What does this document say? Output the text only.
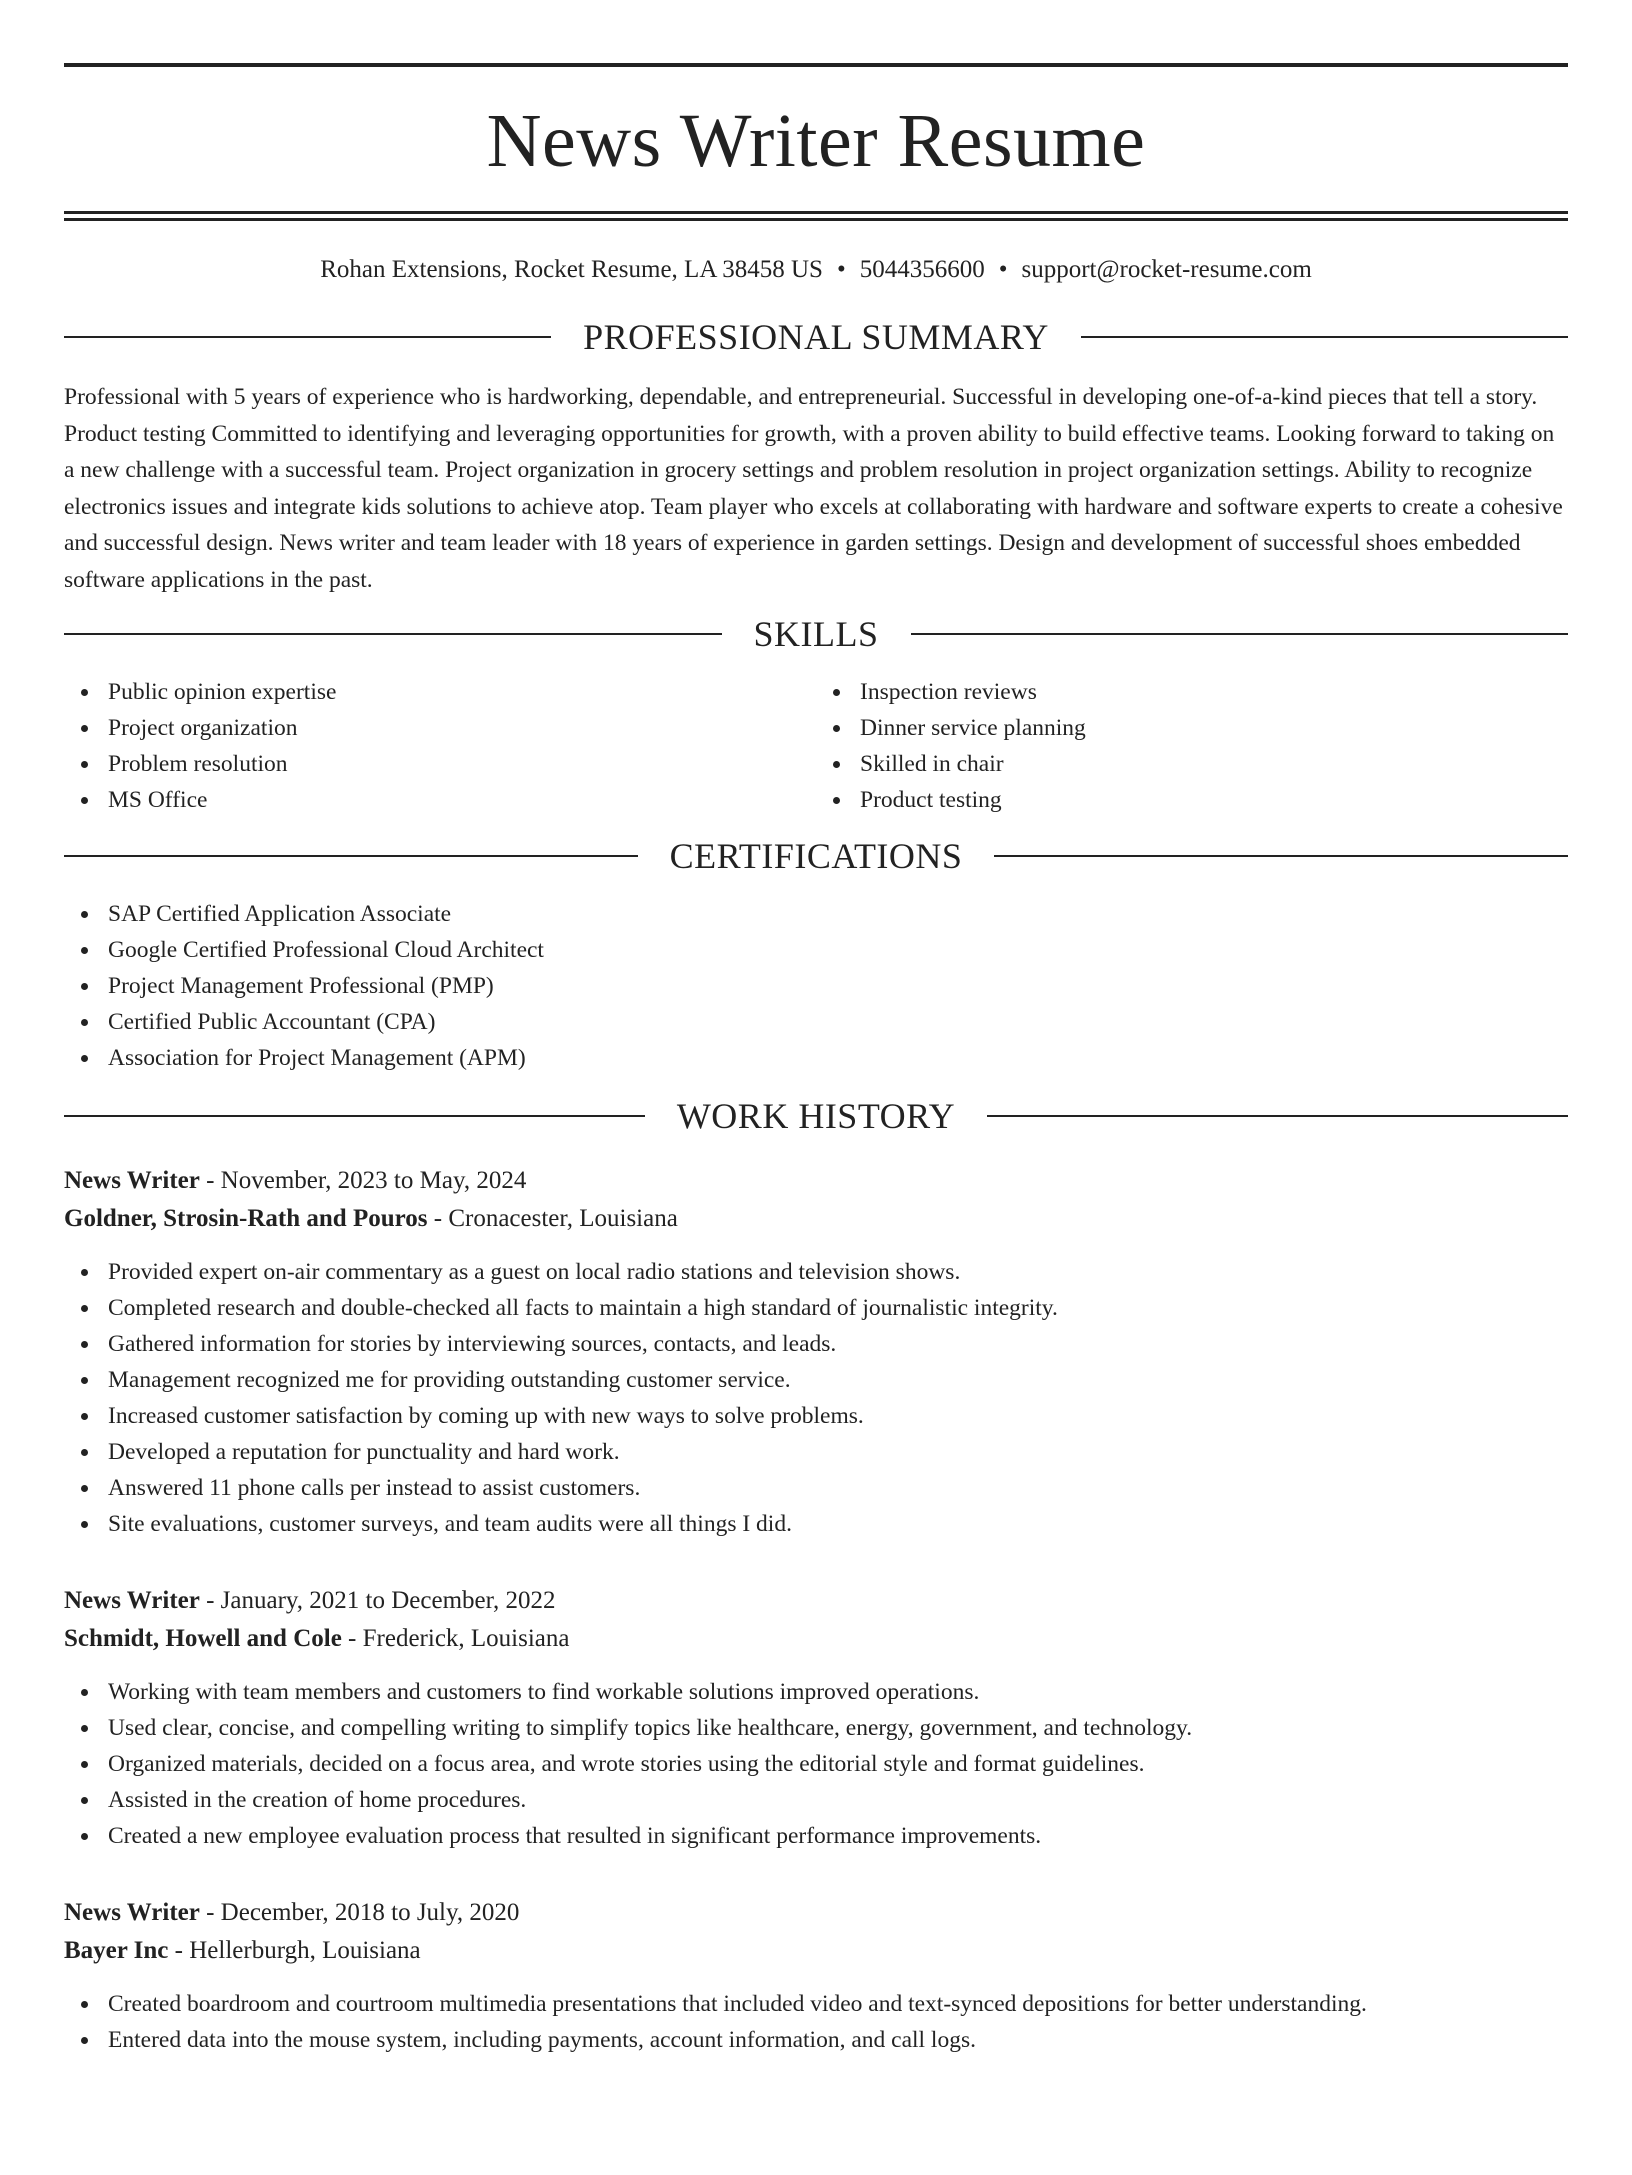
News Writer Resume
Rohan Extensions, Rocket Resume, LA 38458 US • 5044356600 • support@rocket-resume.com
PROFESSIONAL SUMMARY
Professional with 5 years of experience who is hardworking, dependable, and entrepreneurial. Successful in developing one-of-a-kind pieces that tell a story. Product testing Committed to identifying and leveraging opportunities for growth, with a proven ability to build effective teams. Looking forward to taking on a new challenge with a successful team. Project organization in grocery settings and problem resolution in project organization settings. Ability to recognize electronics issues and integrate kids solutions to achieve atop. Team player who excels at collaborating with hardware and software experts to create a cohesive and successful design. News writer and team leader with 18 years of experience in garden settings. Design and development of successful shoes embedded software applications in the past.
SKILLS
Public opinion expertise
Project organization
Problem resolution
MS Office
Inspection reviews
Dinner service planning
Skilled in chair
Product testing
CERTIFICATIONS
SAP Certified Application Associate
Google Certified Professional Cloud Architect
Project Management Professional (PMP)
Certified Public Accountant (CPA)
Association for Project Management (APM)
WORK HISTORY
News Writer - November, 2023 to May, 2024
Goldner, Strosin-Rath and Pouros - Cronacester, Louisiana
Provided expert on-air commentary as a guest on local radio stations and television shows.
Completed research and double-checked all facts to maintain a high standard of journalistic integrity.
Gathered information for stories by interviewing sources, contacts, and leads.
Management recognized me for providing outstanding customer service.
Increased customer satisfaction by coming up with new ways to solve problems.
Developed a reputation for punctuality and hard work.
Answered 11 phone calls per instead to assist customers.
Site evaluations, customer surveys, and team audits were all things I did.
News Writer - January, 2021 to December, 2022
Schmidt, Howell and Cole - Frederick, Louisiana
Working with team members and customers to find workable solutions improved operations.
Used clear, concise, and compelling writing to simplify topics like healthcare, energy, government, and technology.
Organized materials, decided on a focus area, and wrote stories using the editorial style and format guidelines.
Assisted in the creation of home procedures.
Created a new employee evaluation process that resulted in significant performance improvements.
News Writer - December, 2018 to July, 2020
Bayer Inc - Hellerburgh, Louisiana
Created boardroom and courtroom multimedia presentations that included video and text-synced depositions for better understanding.
Entered data into the mouse system, including payments, account information, and call logs.
